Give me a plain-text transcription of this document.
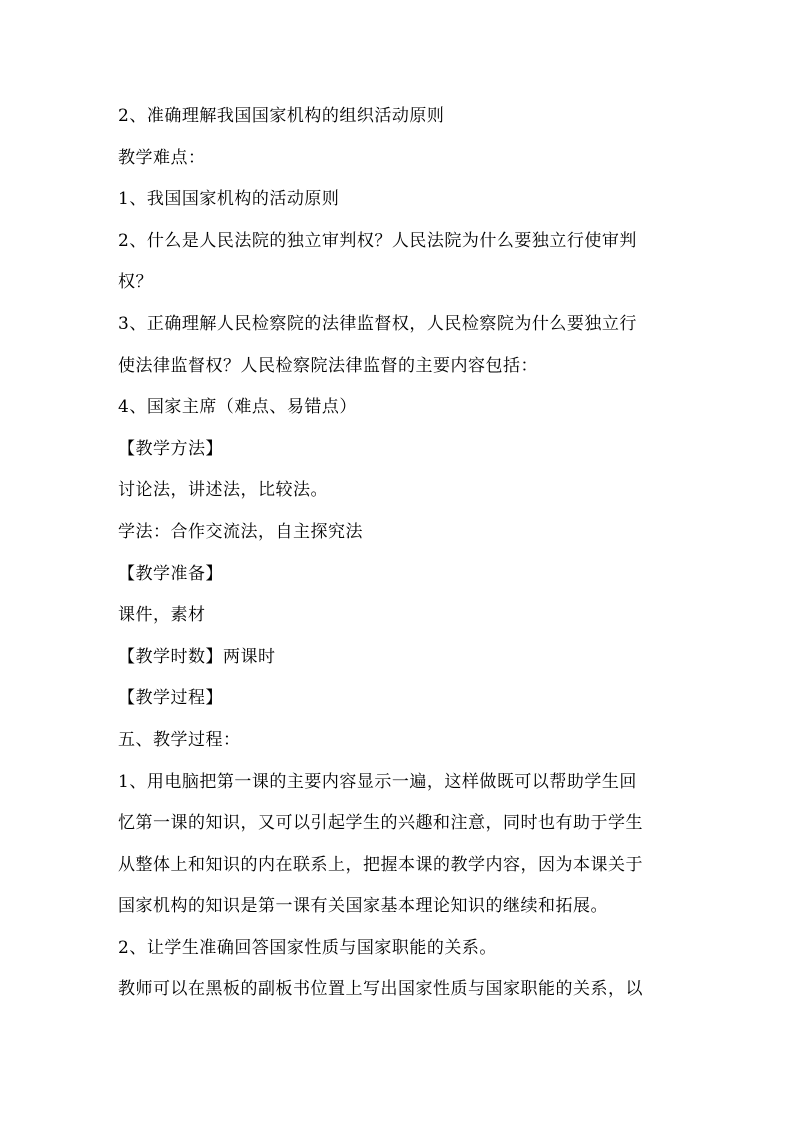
2、准确理解我国国家机构的组织活动原则
教学难点：
1、我国国家机构的活动原则
2、什么是人民法院的独立审判权？人民法院为什么要独立行使审判
权？
3、正确理解人民检察院的法律监督权，人民检察院为什么要独立行
使法律监督权？人民检察院法律监督的主要内容包括：
4、国家主席（难点、易错点）
【教学方法】
讨论法，讲述法，比较法。
学法：合作交流法，自主探究法
【教学准备】
课件，素材
【教学时数】两课时
【教学过程】
五、教学过程：
1、用电脑把第一课的主要内容显示一遍，这样做既可以帮助学生回
忆第一课的知识，又可以引起学生的兴趣和注意，同时也有助于学生
从整体上和知识的内在联系上，把握本课的教学内容，因为本课关于
国家机构的知识是第一课有关国家基本理论知识的继续和拓展。
2、让学生准确回答国家性质与国家职能的关系。
教师可以在黑板的副板书位置上写出国家性质与国家职能的关系，以
